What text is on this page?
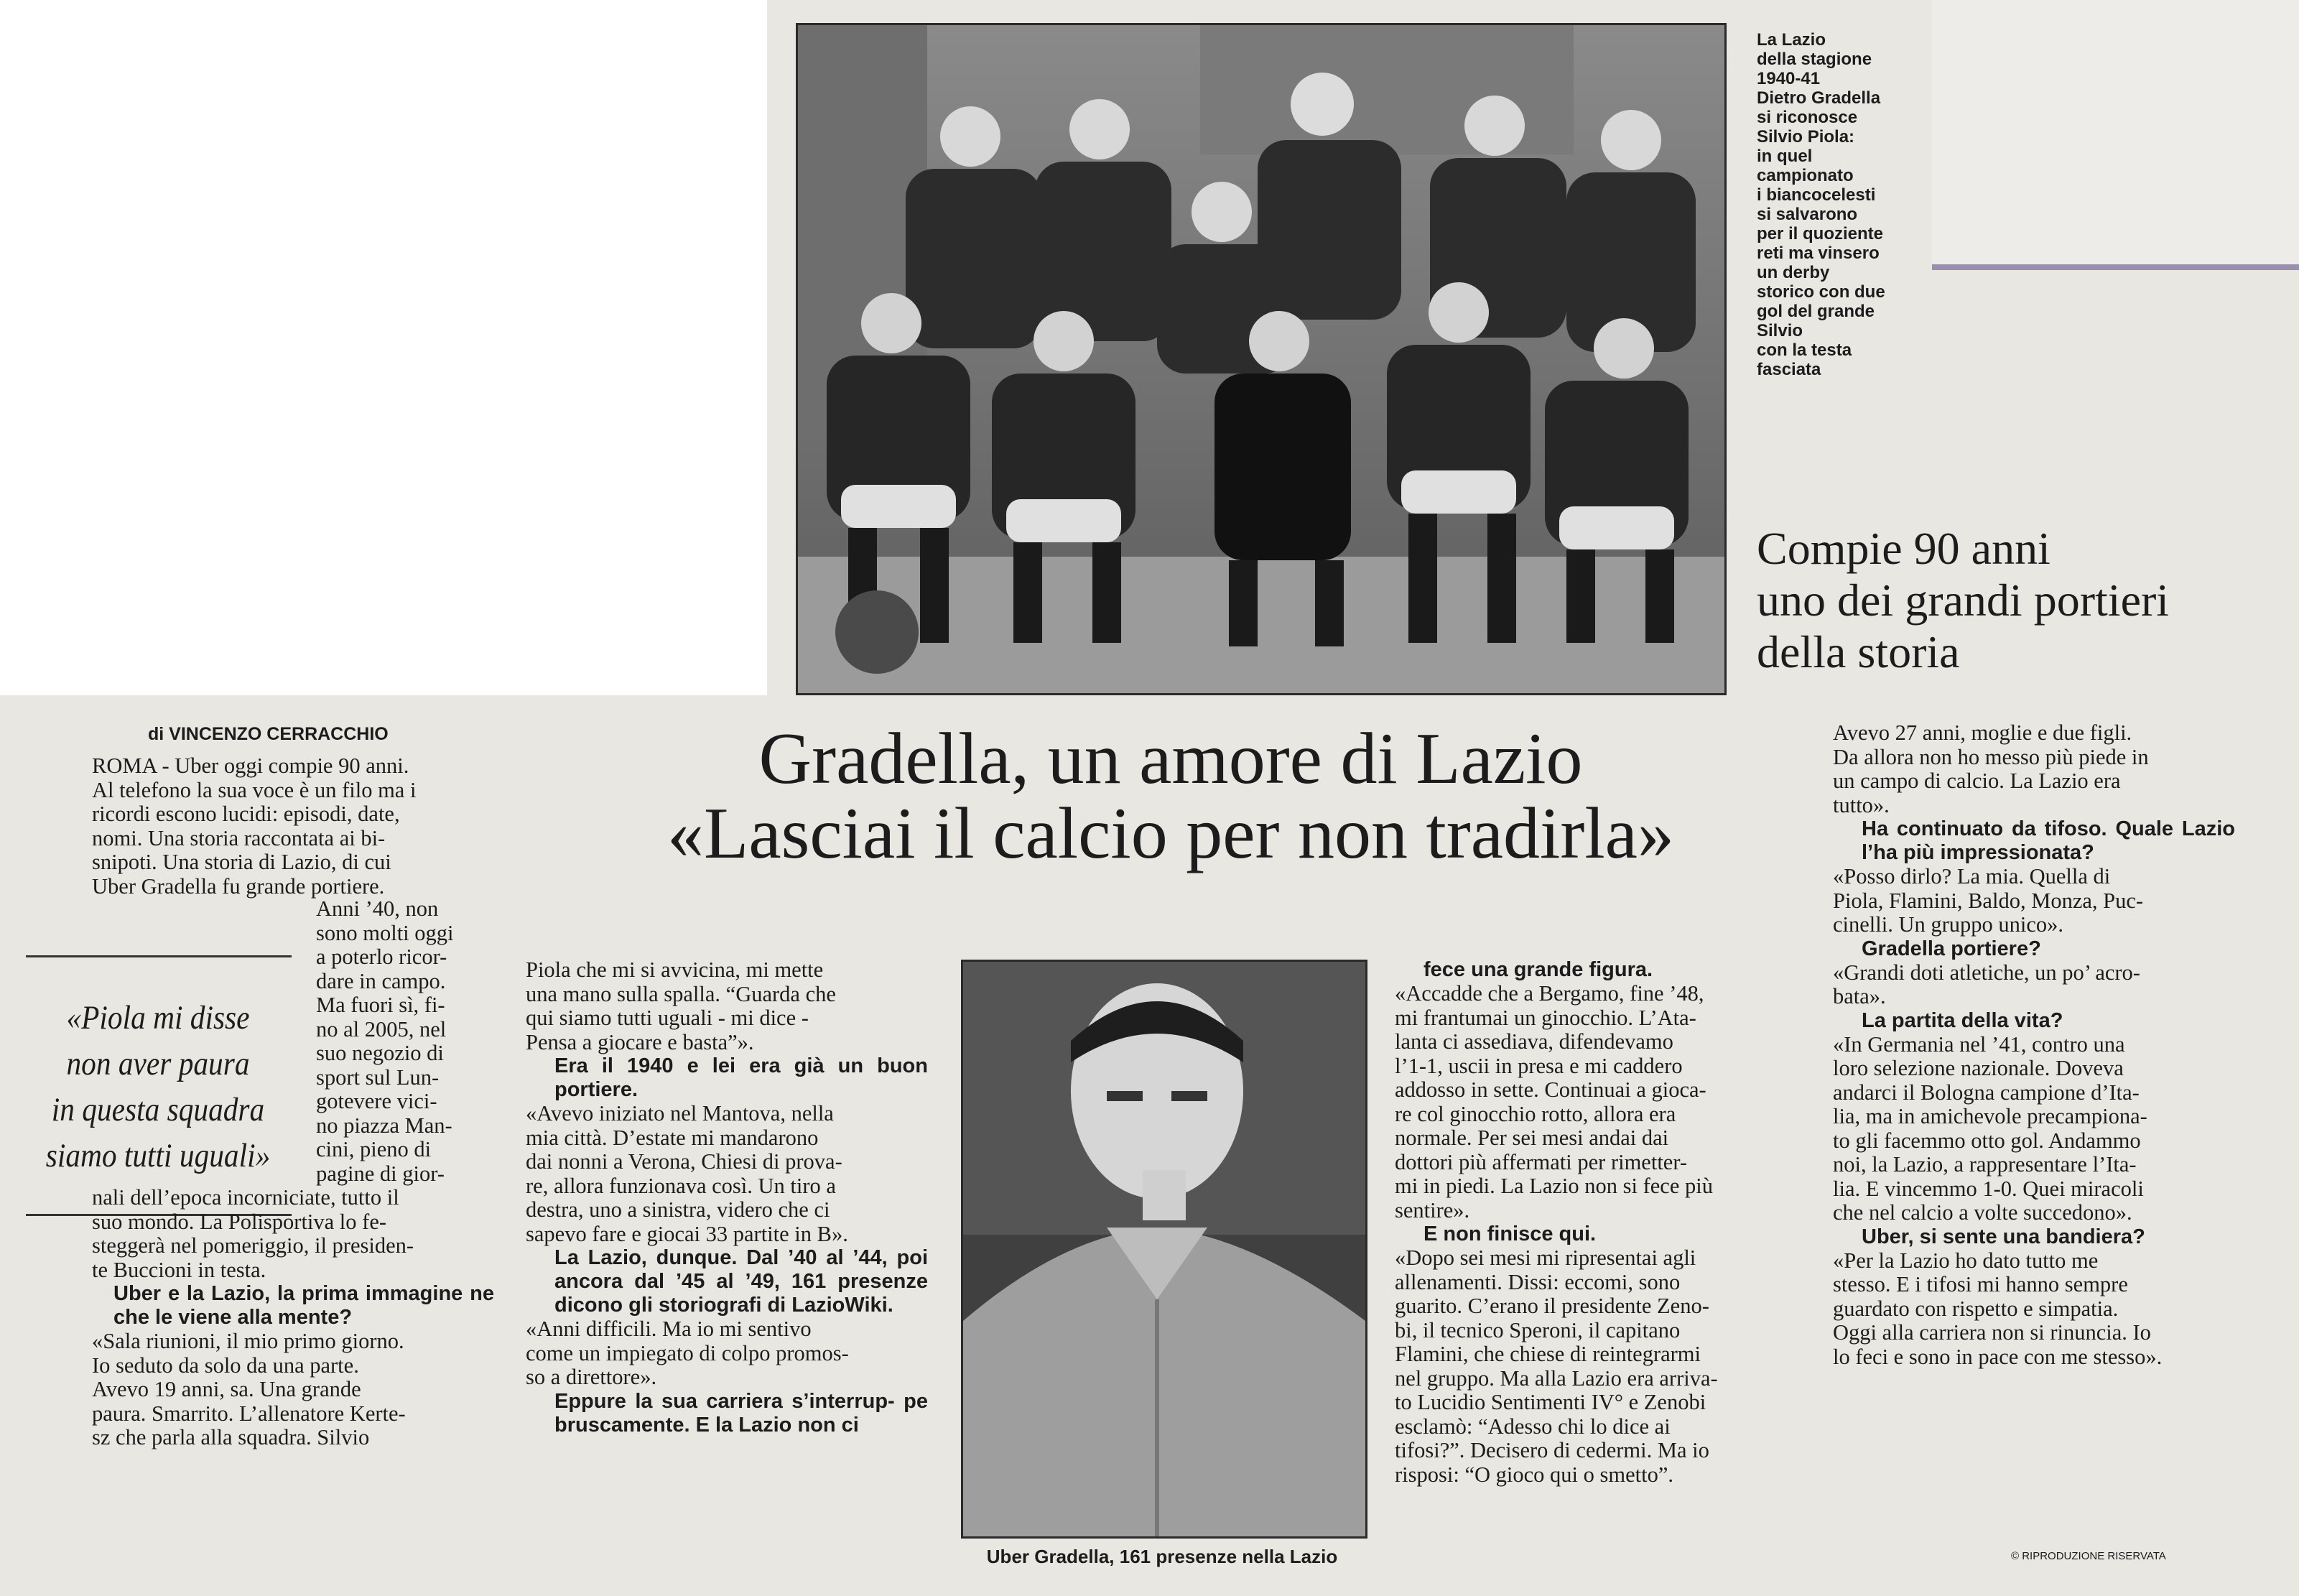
La Lazio
della stagione
1940-41
Dietro Gradella
si riconosce
Silvio Piola:
in quel
campionato
i biancocelesti
si salvarono
per il quoziente
reti ma vinsero
un derby
storico con due
gol del grande
Silvio
con la testa
fasciata
Compie 90 anni
uno dei grandi portieri
della storia
di VINCENZO CERRACCHIO	Gradella, un amore di Lazio
«Lasciai il calcio per non tradirla»

ROMA - Uber oggi compie 90 anni.

Al telefono la sua voce è un filo ma i

ricordi escono lucidi: episodi, date,

nomi. Una storia raccontata ai bi-

snipoti. Una storia di Lazio, di cui

Uber Gradella fu grande portiere.

«Piola mi disse
non aver paura
in questa squadra
siamo tutti uguali»

Anni ’40, non

sono molti oggi

a poterlo ricor-

dare in campo.

Ma fuori sì, fi-

no al 2005, nel

suo negozio di

sport sul Lun-

gotevere vici-

no piazza Man-

cini, pieno di

pagine di gior-

nali dell’epoca incorniciate, tutto il

suo mondo. La Polisportiva lo fe-

steggerà nel pomeriggio, il presiden-

te Buccioni in testa.

Uber e la Lazio, la prima immagine ne che le viene alla mente?

«Sala riunioni, il mio primo giorno.

Io seduto da solo da una parte.

Avevo 19 anni, sa. Una grande

paura. Smarrito. L’allenatore Kerte-

sz che parla alla squadra. Silvio

Piola che mi si avvicina, mi mette

una mano sulla spalla. “Guarda che

qui siamo tutti uguali - mi dice -

Pensa a giocare e basta”».

Era il 1940 e lei era già un buon portiere.

«Avevo iniziato nel Mantova, nella

mia città. D’estate mi mandarono

dai nonni a Verona, Chiesi di prova-

re, allora funzionava così. Un tiro a

destra, uno a sinistra, videro che ci

sapevo fare e giocai 33 partite in B».

La Lazio, dunque. Dal ’40 al ’44, poi ancora dal ’45 al ’49, 161 presenze dicono gli storiografi di LazioWiki.

«Anni difficili. Ma io mi sentivo

come un impiegato di colpo promos-

so a direttore».

Eppure la sua carriera s’interrup- pe bruscamente. E la Lazio non ci

Uber Gradella, 161 presenze nella Lazio

fece una grande figura.

«Accadde che a Bergamo, fine ’48,

mi frantumai un ginocchio. L’Ata-

lanta ci assediava, difendevamo

l’1-1, uscii in presa e mi caddero

addosso in sette. Continuai a gioca-

re col ginocchio rotto, allora era

normale. Per sei mesi andai dai

dottori più affermati per rimetter-

mi in piedi. La Lazio non si fece più

sentire».

E non finisce qui.

«Dopo sei mesi mi ripresentai agli

allenamenti. Dissi: eccomi, sono

guarito. C’erano il presidente Zeno-

bi, il tecnico Speroni, il capitano

Flamini, che chiese di reintegrarmi

nel gruppo. Ma alla Lazio era arriva-

to Lucidio Sentimenti IV° e Zenobi

esclamò: “Adesso chi lo dice ai

tifosi?”. Decisero di cedermi. Ma io

risposi: “O gioco qui o smetto”.

Avevo 27 anni, moglie e due figli.

Da allora non ho messo più piede in

un campo di calcio. La Lazio era

tutto».

Ha continuato da tifoso. Quale Lazio l’ha più impressionata?

«Posso dirlo? La mia. Quella di

Piola, Flamini, Baldo, Monza, Puc-

cinelli. Un gruppo unico».

Gradella portiere?

«Grandi doti atletiche, un po’ acro-

bata».

La partita della vita?

«In Germania nel ’41, contro una

loro selezione nazionale. Doveva

andarci il Bologna campione d’Ita-

lia, ma in amichevole precampiona-

to gli facemmo otto gol. Andammo

noi, la Lazio, a rappresentare l’Ita-

lia. E vincemmo 1-0. Quei miracoli

che nel calcio a volte succedono».

Uber, si sente una bandiera?

«Per la Lazio ho dato tutto me

stesso. E i tifosi mi hanno sempre

guardato con rispetto e simpatia.

Oggi alla carriera non si rinuncia. Io

lo feci e sono in pace con me stesso».

© RIPRODUZIONE RISERVATA
